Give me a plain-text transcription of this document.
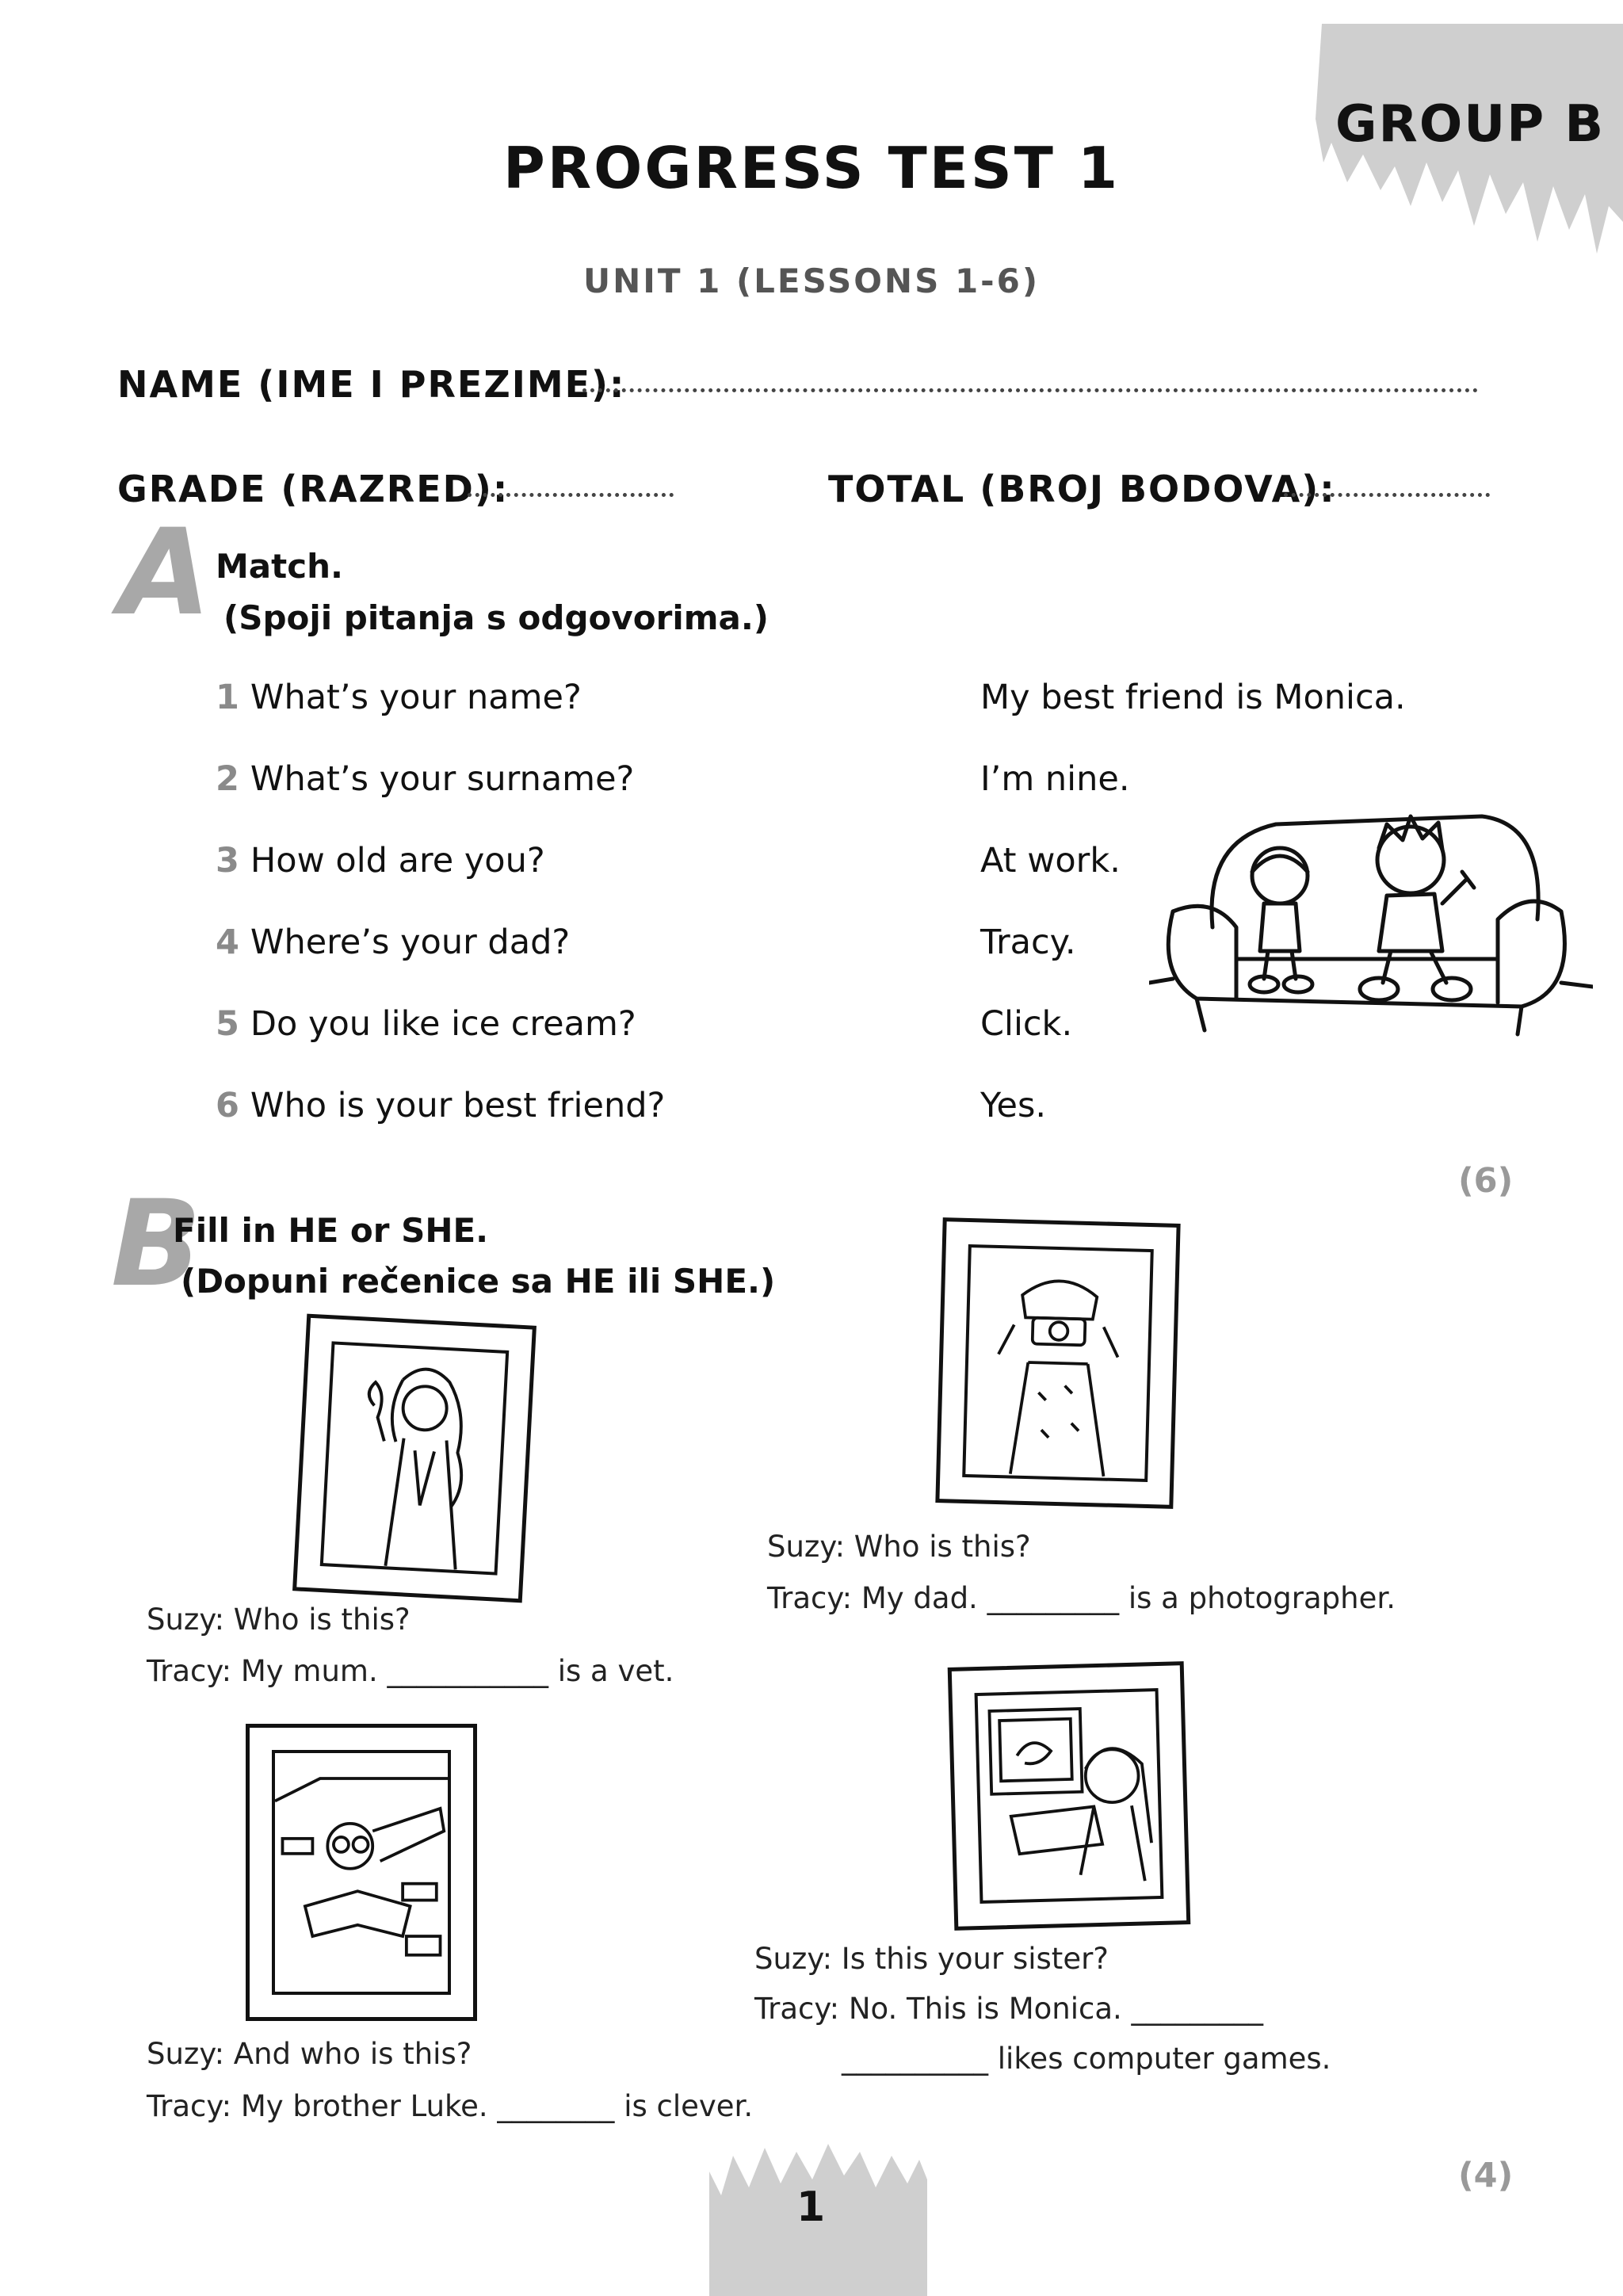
GROUP B
PROGRESS TEST 1
UNIT 1 (LESSONS 1-6)
NAME (IME I PREZIME):
GRADE (RAZRED):	TOTAL (BROJ BODOVA):
A Match.
(Spoji pitanja s odgovorima.)
1 What’s your name?
2 What’s your surname?
3 How old are you?
4 Where’s your dad?
5 Do you like ice cream?
6 Who is your best friend?
My best friend is Monica.
I’m nine.
At work.
Tracy.
Click.
Yes.
(6)
B
Fill in HE or SHE.
(Dopuni rečenice sa HE ili SHE.)
Suzy: Who is this?
Tracy: My mum. ___________ is a vet.
Suzy: Who is this?
Tracy: My dad. _________ is a photographer.
Suzy: And who is this?
Tracy: My brother Luke. ________ is clever.
Suzy: Is this your sister?
Tracy: No. This is Monica. _________
__________ likes computer games.
(4)
1
